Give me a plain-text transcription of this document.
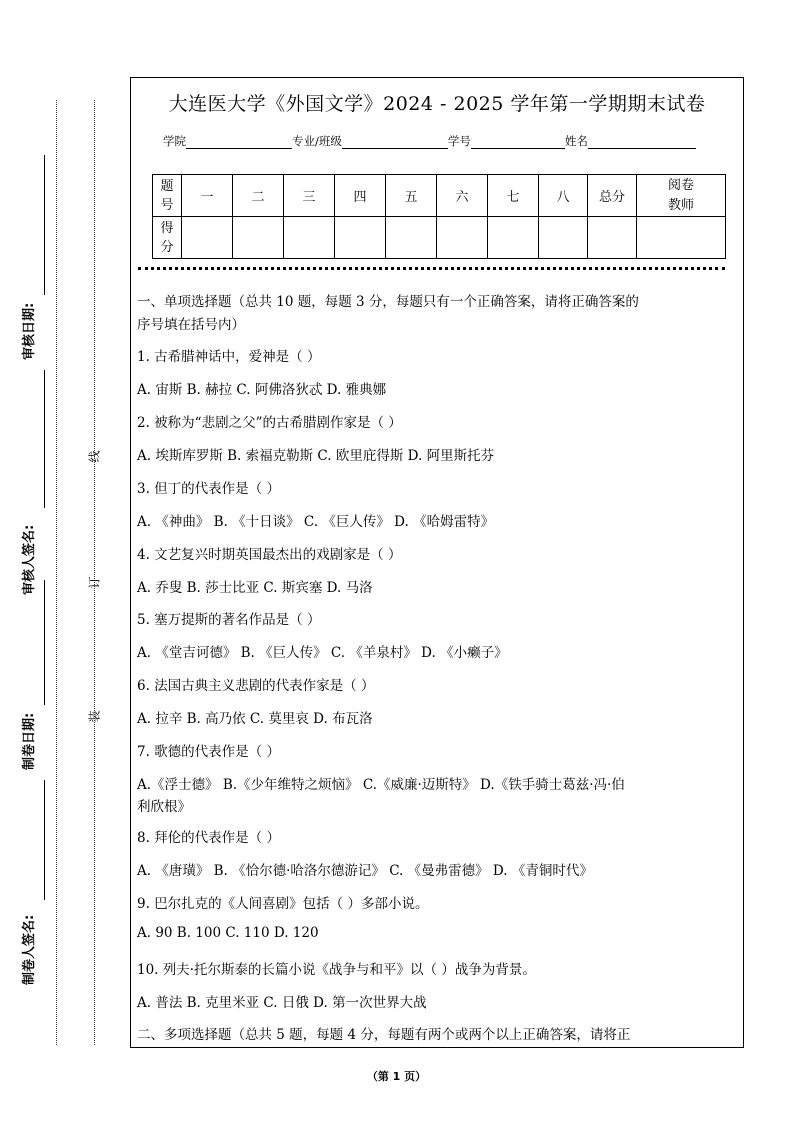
审核日期:
审核人签名:
制卷日期:
制卷人签名:
线
订
装
大连医大学《外国文学》2024 - 2025 学年第一学期期末试卷
学院	专业/班级	学号	姓名
题号	一	二	三	四	五	六	七	八	总分	阅卷
教师

得分										

一、单项选择题（总共 10 题，每题 3 分，每题只有一个正确答案，请将正确答案的
序号填在括号内）
1. 古希腊神话中，爱神是（ ）
A. 宙斯 B. 赫拉 C. 阿佛洛狄忒 D. 雅典娜
2. 被称为“悲剧之父”的古希腊剧作家是（ ）
A. 埃斯库罗斯 B. 索福克勒斯 C. 欧里庇得斯 D. 阿里斯托芬
3. 但丁的代表作是（ ）
A. 《神曲》 B. 《十日谈》 C. 《巨人传》 D. 《哈姆雷特》
4. 文艺复兴时期英国最杰出的戏剧家是（ ）
A. 乔叟 B. 莎士比亚 C. 斯宾塞 D. 马洛
5. 塞万提斯的著名作品是（ ）
A. 《堂吉诃德》 B. 《巨人传》 C. 《羊泉村》 D. 《小癞子》
6. 法国古典主义悲剧的代表作家是（ ）
A. 拉辛 B. 高乃依 C. 莫里哀 D. 布瓦洛
7. 歌德的代表作是（ ）
A.《浮士德》 B.《少年维特之烦恼》 C.《威廉·迈斯特》 D.《铁手骑士葛兹·冯·伯
利欣根》
8. 拜伦的代表作是（ ）
A. 《唐璜》 B. 《恰尔德·哈洛尔德游记》 C. 《曼弗雷德》 D. 《青铜时代》
9. 巴尔扎克的《人间喜剧》包括（ ）多部小说。
A. 90 B. 100 C. 110 D. 120
10. 列夫·托尔斯泰的长篇小说《战争与和平》以（ ）战争为背景。
A. 普法 B. 克里米亚 C. 日俄 D. 第一次世界大战
二、多项选择题（总共 5 题，每题 4 分，每题有两个或两个以上正确答案，请将正
（第 1 页）
